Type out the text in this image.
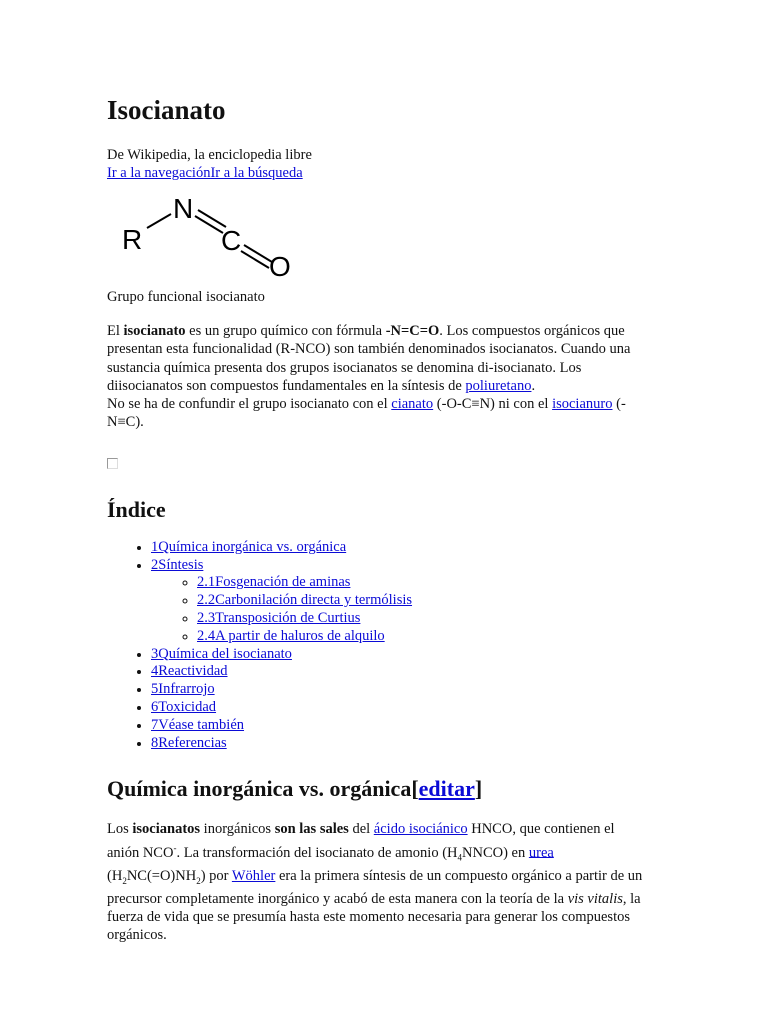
Isocianato
De Wikipedia, la enciclopedia libre
Ir a la navegaciónIr a la búsqueda
R
N
C
O
Grupo funcional isocianato
El isocianato es un grupo químico con fórmula -N=C=O. Los compuestos orgánicos que presentan esta funcionalidad (R-NCO) son también denominados isocianatos. Cuando una sustancia química presenta dos grupos isocianatos se denomina di-isocianato. Los diisocianatos son compuestos fundamentales en la síntesis de poliuretano.
No se ha de confundir el grupo isocianato con el cianato (-O-C≡N) ni con el isocianuro (-N≡C).
Índice
• 1Química inorgánica vs. orgánica
• 2Síntesis
◦ 2.1Fosgenación de aminas
◦ 2.2Carbonilación directa y termólisis
◦ 2.3Transposición de Curtius
◦ 2.4A partir de haluros de alquilo
• 3Química del isocianato
• 4Reactividad
• 5Infrarrojo
• 6Toxicidad
• 7Véase también
• 8Referencias
Química inorgánica vs. orgánica[editar]
Los isocianatos inorgánicos son las sales del ácido isociánico HNCO, que contienen el anión NCO-. La transformación del isocianato de amonio $(H_4NNCO)$ en urea $(H_2NC(=O)NH_2)$ por Wöhler era la primera síntesis de un compuesto orgánico a partir de un precursor completamente inorgánico y acabó de esta manera con la teoría de la vis vitalis, la fuerza de vida que se presumía hasta este momento necesaria para generar los compuestos orgánicos.
